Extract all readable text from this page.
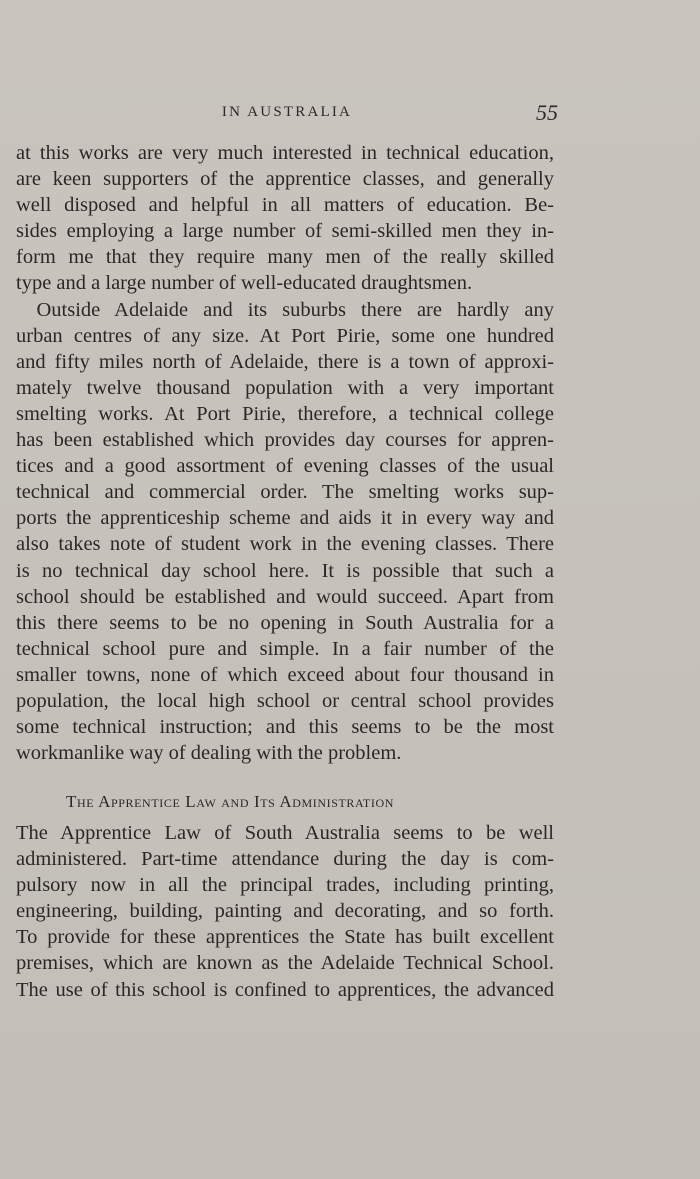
IN AUSTRALIA	55
at this works are very much interested in technical education,
are keen supporters of the apprentice classes, and generally
well disposed and helpful in all matters of education. Be-
sides employing a large number of semi-skilled men they in-
form me that they require many men of the really skilled
type and a large number of well-educated draughtsmen.
 Outside Adelaide and its suburbs there are hardly any
urban centres of any size. At Port Pirie, some one hundred
and fifty miles north of Adelaide, there is a town of approxi-
mately twelve thousand population with a very important
smelting works. At Port Pirie, therefore, a technical college
has been established which provides day courses for appren-
tices and a good assortment of evening classes of the usual
technical and commercial order. The smelting works sup-
ports the apprenticeship scheme and aids it in every way and
also takes note of student work in the evening classes. There
is no technical day school here. It is possible that such a
school should be established and would succeed. Apart from
this there seems to be no opening in South Australia for a
technical school pure and simple. In a fair number of the
smaller towns, none of which exceed about four thousand in
population, the local high school or central school provides
some technical instruction; and this seems to be the most
workmanlike way of dealing with the problem.
The Apprentice Law and Its Administration
The Apprentice Law of South Australia seems to be well
administered. Part-time attendance during the day is com-
pulsory now in all the principal trades, including printing,
engineering, building, painting and decorating, and so forth.
To provide for these apprentices the State has built excellent
premises, which are known as the Adelaide Technical School.
The use of this school is confined to apprentices, the advanced
